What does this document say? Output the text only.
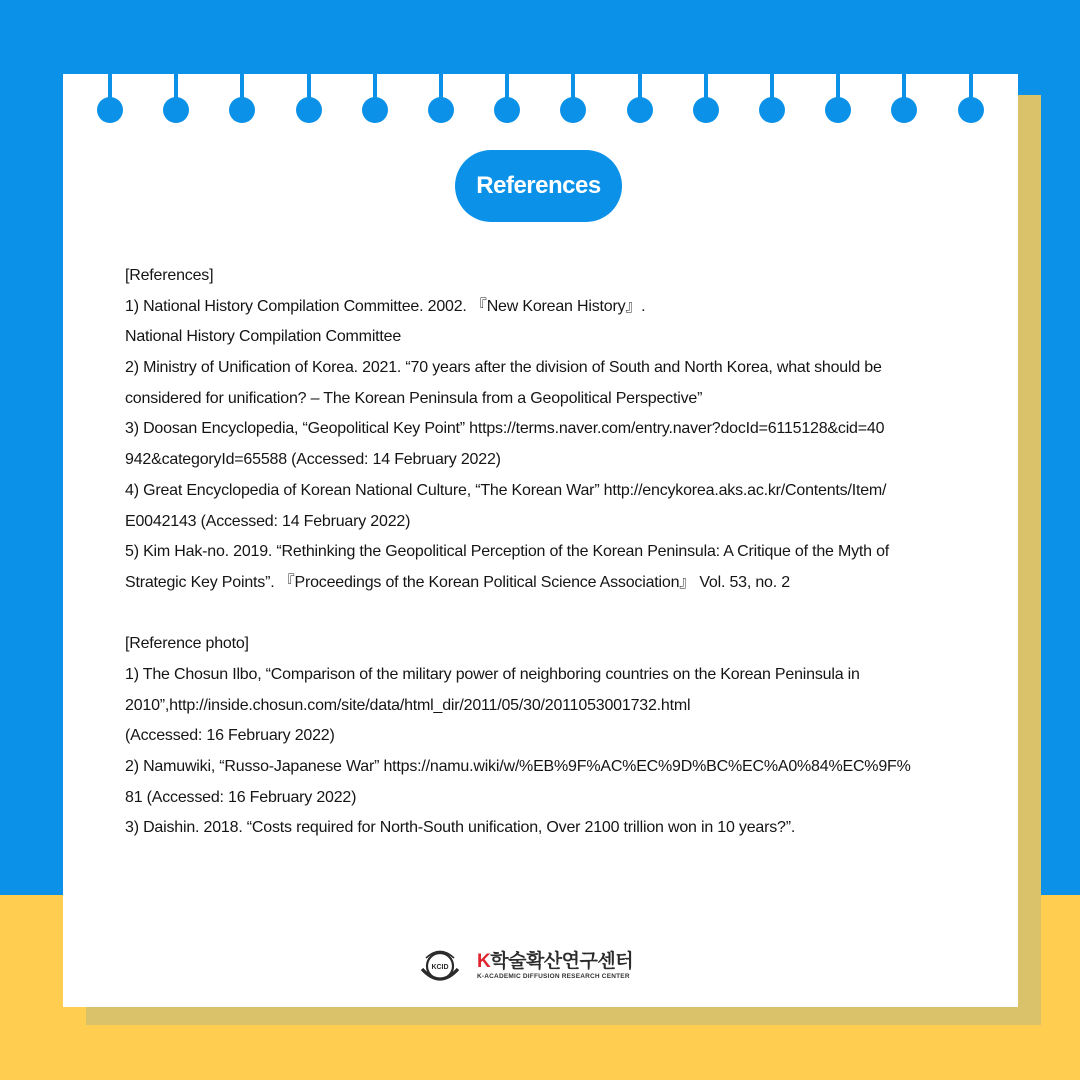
References
[References]
1) National History Compilation Committee. 2002. 『New Korean History』.
National History Compilation Committee
2) Ministry of Unification of Korea. 2021. “70 years after the division of South and North Korea, what should be
considered for unification? – The Korean Peninsula from a Geopolitical Perspective”
3) Doosan Encyclopedia, “Geopolitical Key Point” https://terms.naver.com/entry.naver?docId=6115128&cid=40
942&categoryId=65588 (Accessed: 14 February 2022)
4) Great Encyclopedia of Korean National Culture, “The Korean War” http://encykorea.aks.ac.kr/Contents/Item/
E0042143 (Accessed: 14 February 2022)
5) Kim Hak-no. 2019. “Rethinking the Geopolitical Perception of the Korean Peninsula: A Critique of the Myth of
Strategic Key Points”. 『Proceedings of the Korean Political Science Association』 Vol. 53, no. 2
[Reference photo]
1) The Chosun Ilbo, “Comparison of the military power of neighboring countries on the Korean Peninsula in
2010”,http://inside.chosun.com/site/data/html_dir/2011/05/30/2011053001732.html
(Accessed: 16 February 2022)
2) Namuwiki, “Russo-Japanese War” https://namu.wiki/w/%EB%9F%AC%EC%9D%BC%EC%A0%84%EC%9F%
81 (Accessed: 16 February 2022)
3) Daishin. 2018. “Costs required for North-South unification, Over 2100 trillion won in 10 years?”.
KCID K학술확산연구센터
K-ACADEMIC DIFFUSION RESEARCH CENTER
